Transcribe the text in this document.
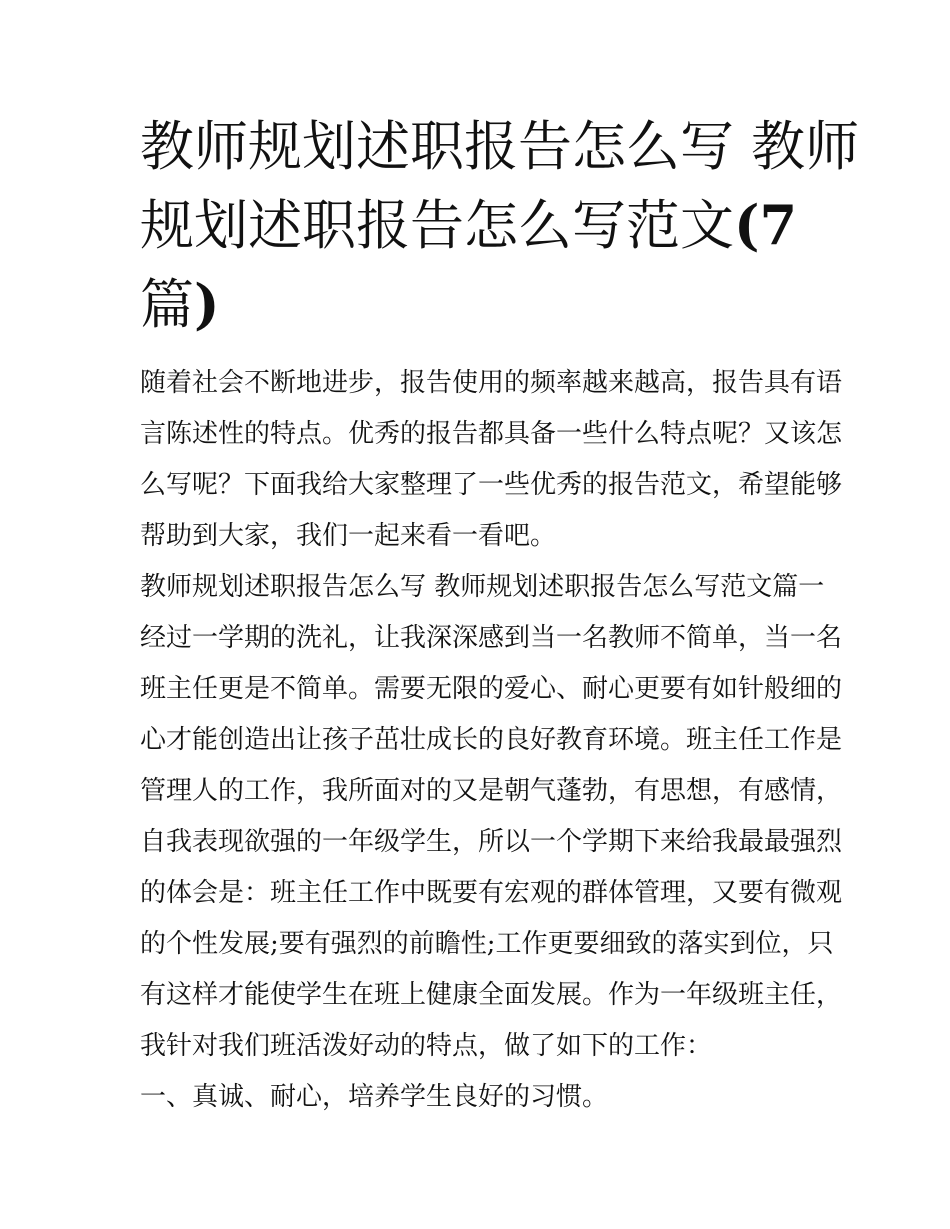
教师规划述职报告怎么写 教师
规划述职报告怎么写范文(7
篇)
随着社会不断地进步，报告使用的频率越来越高，报告具有语
言陈述性的特点。优秀的报告都具备一些什么特点呢？又该怎
么写呢？下面我给大家整理了一些优秀的报告范文，希望能够
帮助到大家，我们一起来看一看吧。
教师规划述职报告怎么写 教师规划述职报告怎么写范文篇一
经过一学期的洗礼，让我深深感到当一名教师不简单，当一名
班主任更是不简单。需要无限的爱心、耐心更要有如针般细的
心才能创造出让孩子茁壮成长的良好教育环境。班主任工作是
管理人的工作，我所面对的又是朝气蓬勃，有思想，有感情，
自我表现欲强的一年级学生，所以一个学期下来给我最最强烈
的体会是：班主任工作中既要有宏观的群体管理，又要有微观
的个性发展;要有强烈的前瞻性;工作更要细致的落实到位，只
有这样才能使学生在班上健康全面发展。作为一年级班主任，
我针对我们班活泼好动的特点，做了如下的工作：
一、真诚、耐心，培养学生良好的习惯。
